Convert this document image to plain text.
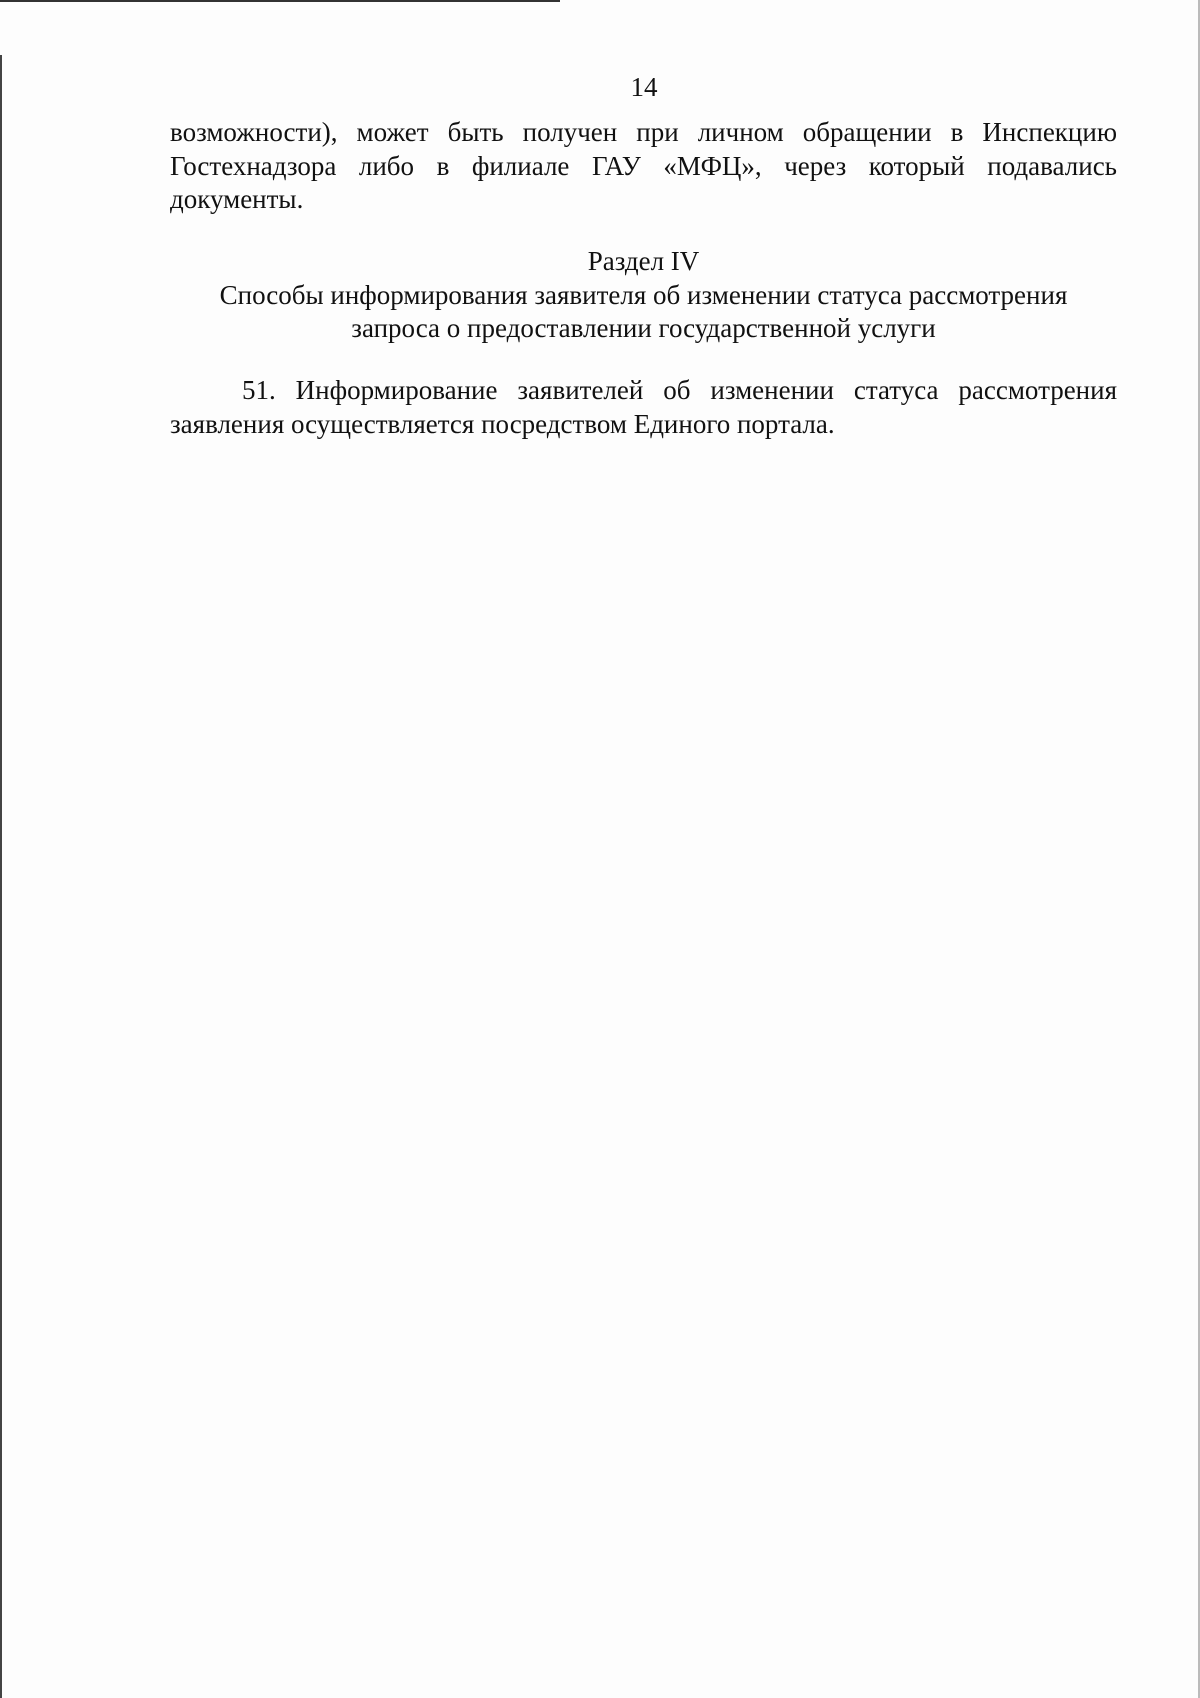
14
возможности), может быть получен при личном обращении в Инспекцию Гостехнадзора либо в филиале ГАУ «МФЦ», через который подавались документы.
Раздел IV
Способы информирования заявителя об изменении статуса рассмотрения
запроса о предоставлении государственной услуги
51. Информирование заявителей об изменении статуса рассмотрения заявления осуществляется посредством Единого портала.
